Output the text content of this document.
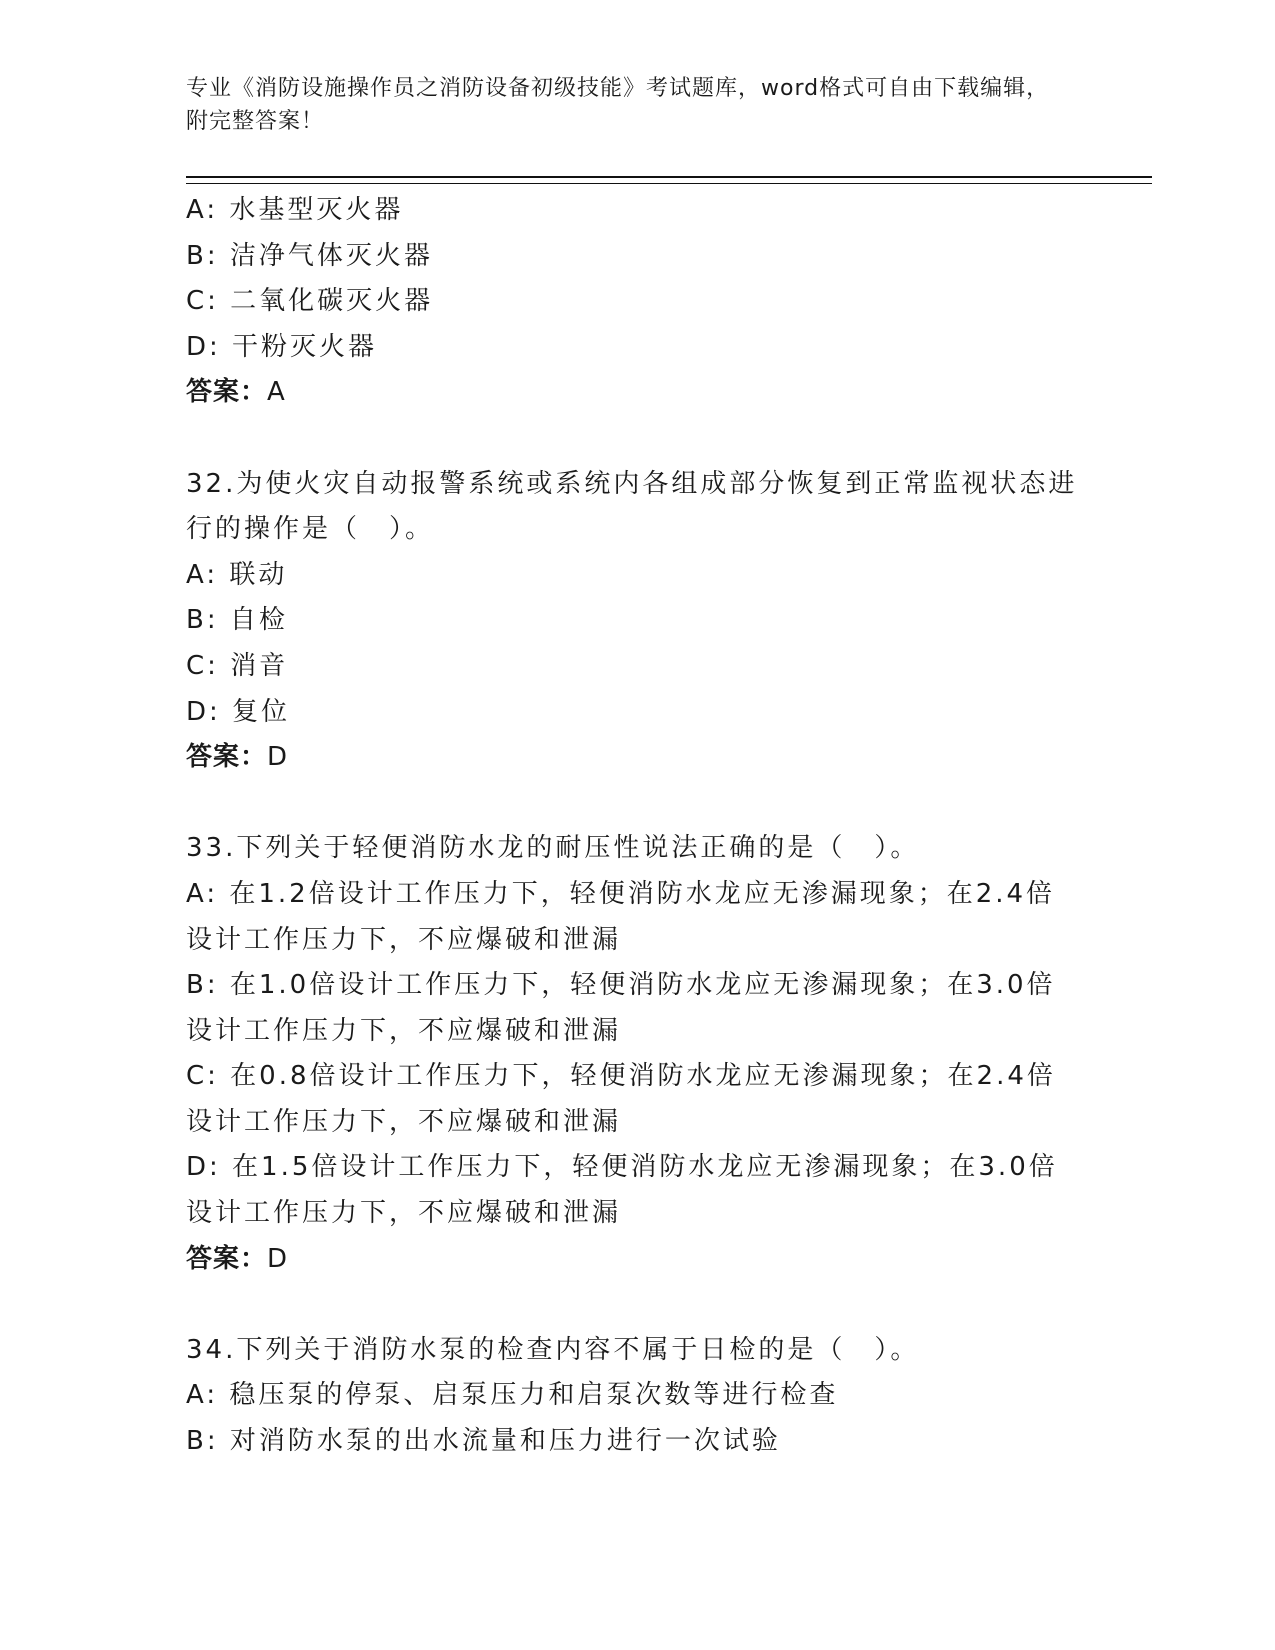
专业《消防设施操作员之消防设备初级技能》考试题库，word格式可自由下载编辑，附完整答案！

A: 水基型灭火器

B: 洁净气体灭火器

C: 二氧化碳灭火器

D: 干粉灭火器

答案：A

32.为使火灾自动报警系统或系统内各组成部分恢复到正常监视状态进

行的操作是（　）。

A: 联动

B: 自检

C: 消音

D: 复位

答案：D

33.下列关于轻便消防水龙的耐压性说法正确的是（　）。

A: 在1.2倍设计工作压力下，轻便消防水龙应无渗漏现象；在2.4倍

设计工作压力下，不应爆破和泄漏

B: 在1.0倍设计工作压力下，轻便消防水龙应无渗漏现象；在3.0倍

设计工作压力下，不应爆破和泄漏

C: 在0.8倍设计工作压力下，轻便消防水龙应无渗漏现象；在2.4倍

设计工作压力下，不应爆破和泄漏

D: 在1.5倍设计工作压力下，轻便消防水龙应无渗漏现象；在3.0倍

设计工作压力下，不应爆破和泄漏

答案：D

34.下列关于消防水泵的检查内容不属于日检的是（　）。

A: 稳压泵的停泵、启泵压力和启泵次数等进行检查

B: 对消防水泵的出水流量和压力进行一次试验
